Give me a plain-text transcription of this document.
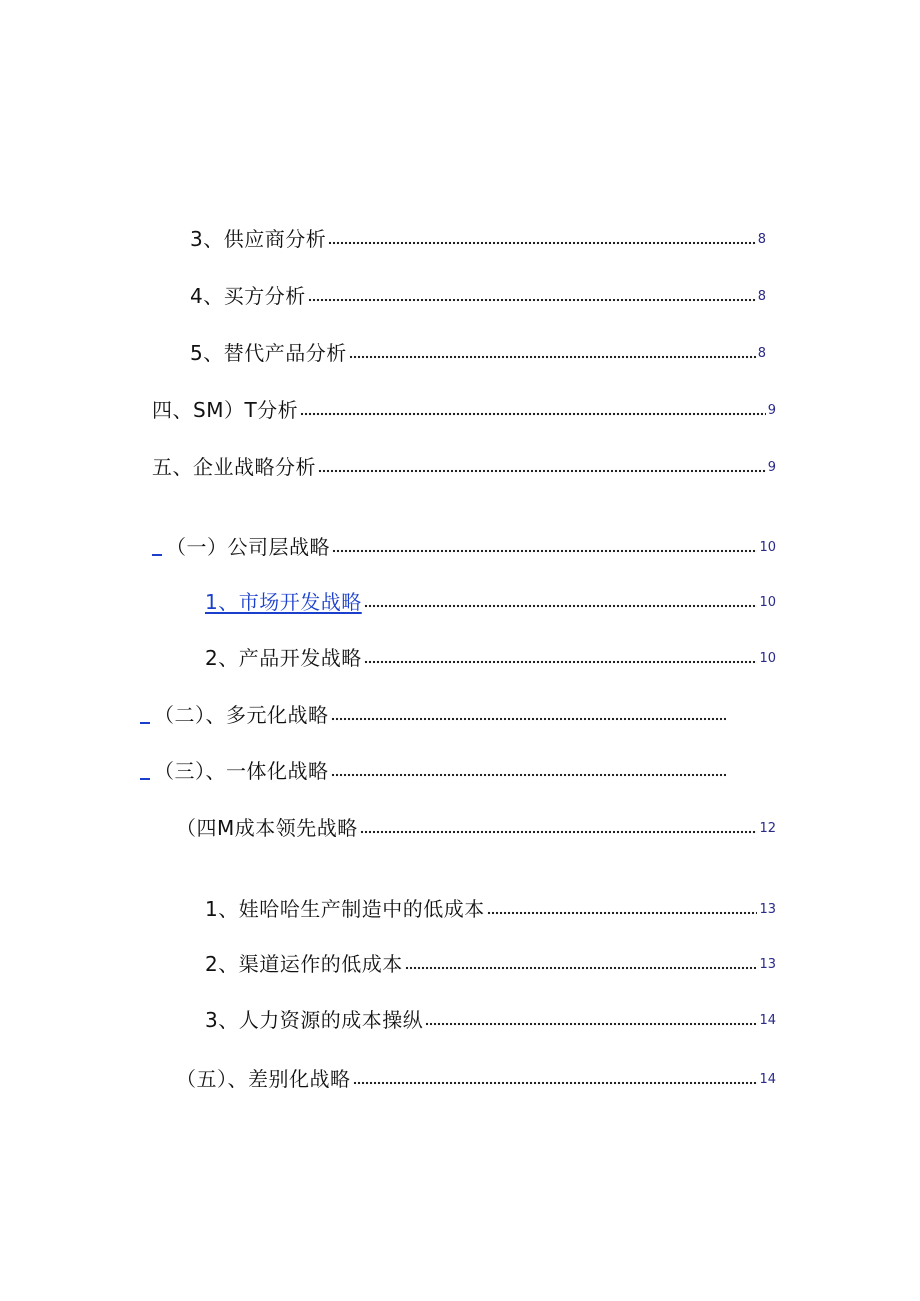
3、供应商分析	8
4、买方分析	8
5、替代产品分析	8
四、SM）T分析	9
五、企业战略分析	9
（一）公司层战略	10
1、市场开发战略	10
2、产品开发战略	10
（二）、多元化战略
（三）、一体化战略
（四M成本领先战略	12
1、娃哈哈生产制造中的低成本	13
2、渠道运作的低成本	13
3、人力资源的成本操纵	14
（五）、差别化战略	14
